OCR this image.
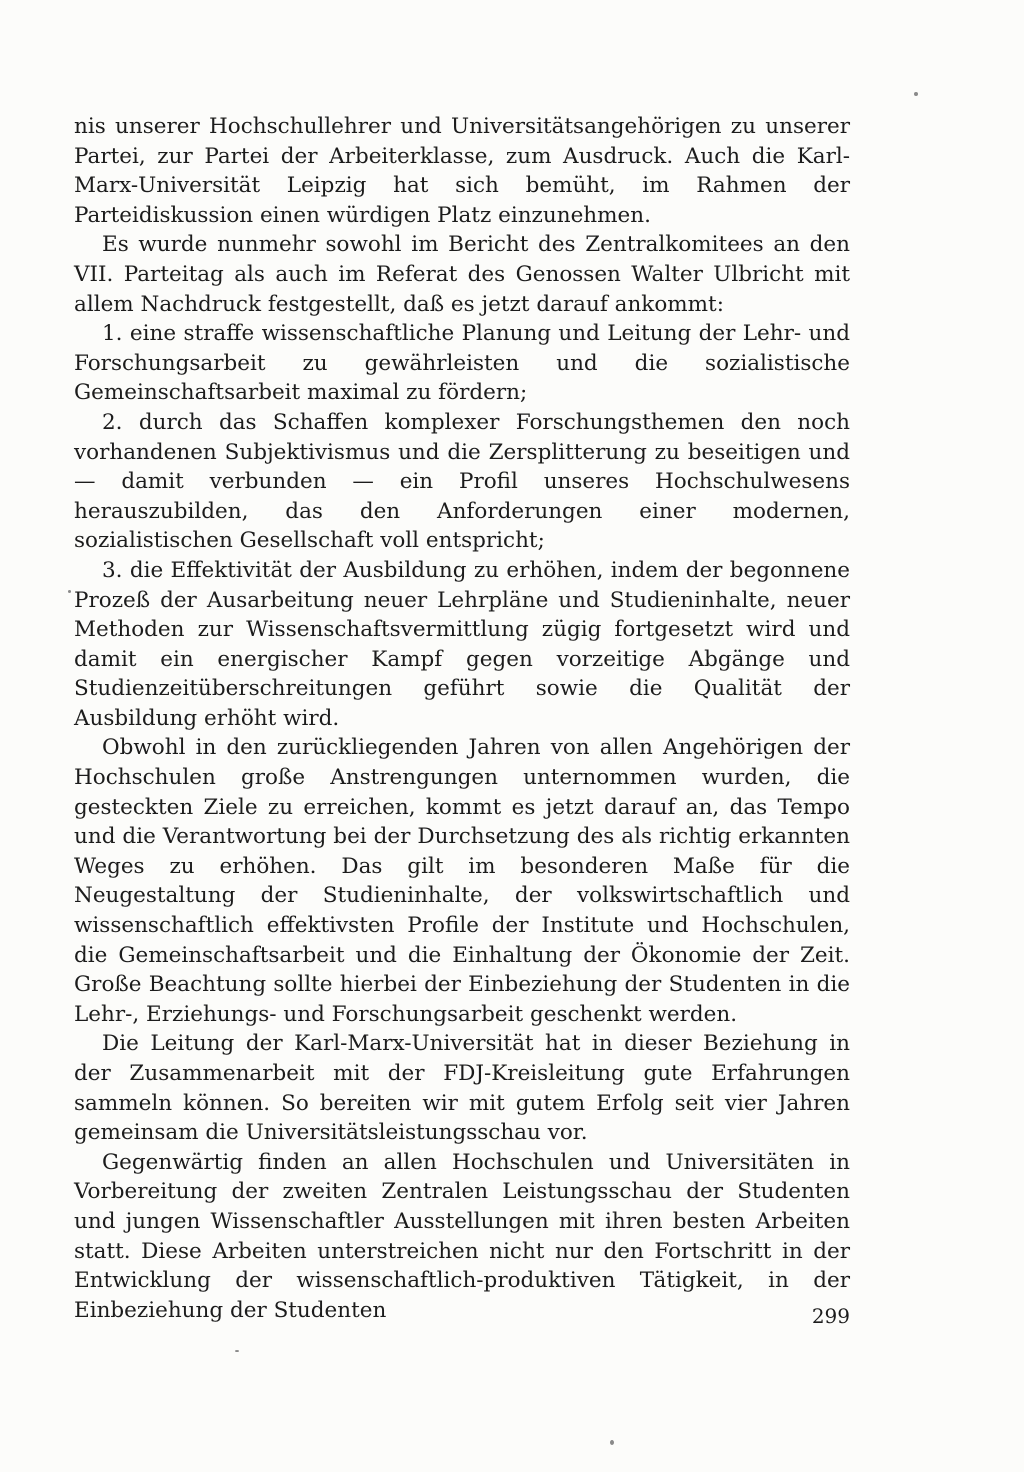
nis unserer Hochschullehrer und Universitätsangehörigen zu unserer Partei, zur Partei der Arbeiterklasse, zum Ausdruck. Auch die Karl-Marx-Universität Leipzig hat sich bemüht, im Rahmen der Parteidiskussion einen würdigen Platz einzunehmen.

Es wurde nunmehr sowohl im Bericht des Zentralkomitees an den VII. Parteitag als auch im Referat des Genossen Walter Ulbricht mit allem Nachdruck festgestellt, daß es jetzt darauf ankommt:

1. eine straffe wissenschaftliche Planung und Leitung der Lehr- und Forschungsarbeit zu gewährleisten und die sozialistische Gemeinschaftsarbeit maximal zu fördern;

2. durch das Schaffen komplexer Forschungsthemen den noch vorhandenen Subjektivismus und die Zersplitterung zu beseitigen und — damit verbunden — ein Profil unseres Hochschulwesens herauszubilden, das den Anforderungen einer modernen, sozialistischen Gesellschaft voll entspricht;

3. die Effektivität der Ausbildung zu erhöhen, indem der begonnene Prozeß der Ausarbeitung neuer Lehrpläne und Studieninhalte, neuer Methoden zur Wissenschaftsvermittlung zügig fortgesetzt wird und damit ein energischer Kampf gegen vorzeitige Abgänge und Studienzeitüberschreitungen geführt sowie die Qualität der Ausbildung erhöht wird.

Obwohl in den zurückliegenden Jahren von allen Angehörigen der Hochschulen große Anstrengungen unternommen wurden, die gesteckten Ziele zu erreichen, kommt es jetzt darauf an, das Tempo und die Verantwortung bei der Durchsetzung des als richtig erkannten Weges zu erhöhen. Das gilt im besonderen Maße für die Neugestaltung der Studieninhalte, der volkswirtschaftlich und wissenschaftlich effektivsten Profile der Institute und Hochschulen, die Gemeinschaftsarbeit und die Einhaltung der Ökonomie der Zeit. Große Beachtung sollte hierbei der Einbeziehung der Studenten in die Lehr-, Erziehungs- und Forschungsarbeit geschenkt werden.

Die Leitung der Karl-Marx-Universität hat in dieser Beziehung in der Zusammenarbeit mit der FDJ-Kreisleitung gute Erfahrungen sammeln können. So bereiten wir mit gutem Erfolg seit vier Jahren gemeinsam die Universitätsleistungsschau vor.

Gegenwärtig finden an allen Hochschulen und Universitäten in Vorbereitung der zweiten Zentralen Leistungsschau der Studenten und jungen Wissenschaftler Ausstellungen mit ihren besten Arbeiten statt. Diese Arbeiten unterstreichen nicht nur den Fortschritt in der Entwicklung der wissenschaftlich-produktiven Tätigkeit, in der Einbeziehung der Studenten	299
